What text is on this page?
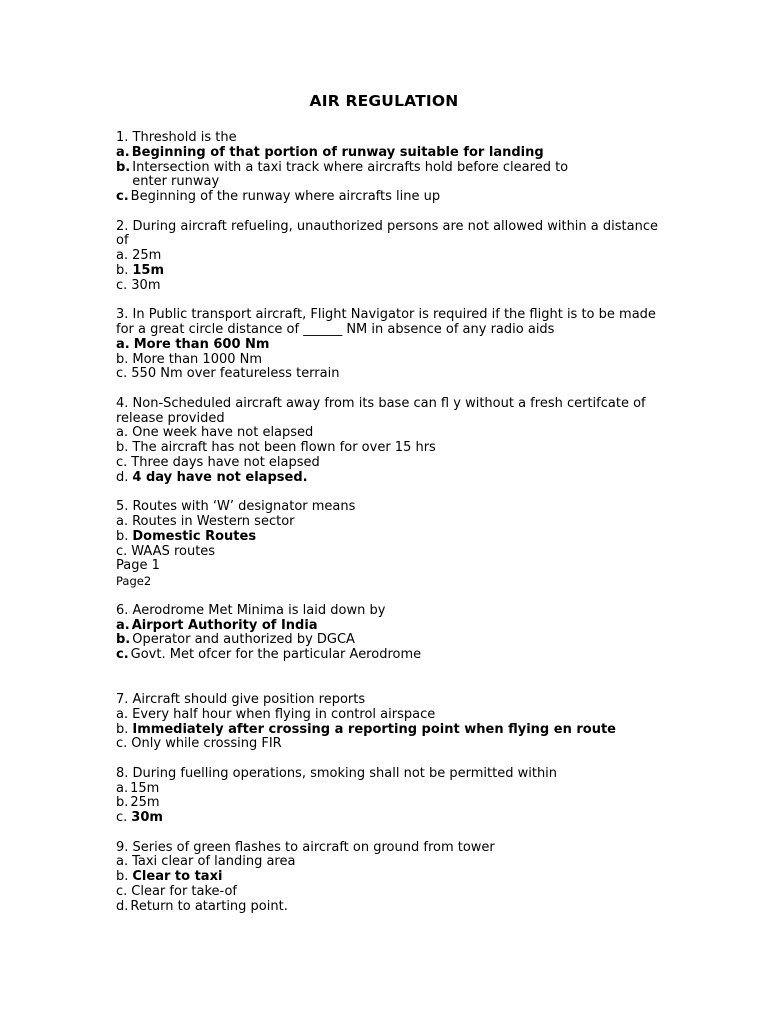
AIR REGULATION
1. Threshold is the
a. Beginning of that portion of runway suitable for landing
b. Intersection with a taxi track where aircrafts hold before cleared to enter runway
c. Beginning of the runway where aircrafts line up
2. During aircraft refueling, unauthorized persons are not allowed within a distance of
a. 25m
b. 15m
c. 30m
3. In Public transport aircraft, Flight Navigator is required if the flight is to be made for a great circle distance of ______ NM in absence of any radio aids
a. More than 600 Nm
b. More than 1000 Nm
c. 550 Nm over featureless terrain
4. Non-Scheduled aircraft away from its base can fl y without a fresh certifcate of release provided
a. One week have not elapsed
b. The aircraft has not been flown for over 15 hrs
c. Three days have not elapsed
d. 4 day have not elapsed.
5. Routes with ‘W’ designator means
a. Routes in Western sector
b. Domestic Routes
c. WAAS routes
Page 1
Page2
6. Aerodrome Met Minima is laid down by
a. Airport Authority of India
b. Operator and authorized by DGCA
c. Govt. Met ofcer for the particular Aerodrome
7. Aircraft should give position reports
a. Every half hour when flying in control airspace
b. Immediately after crossing a reporting point when flying en route
c. Only while crossing FIR
8. During fuelling operations, smoking shall not be permitted within
a. 15m
b. 25m
c. 30m
9. Series of green flashes to aircraft on ground from tower
a. Taxi clear of landing area
b. Clear to taxi
c. Clear for take-of
d. Return to atarting point.
